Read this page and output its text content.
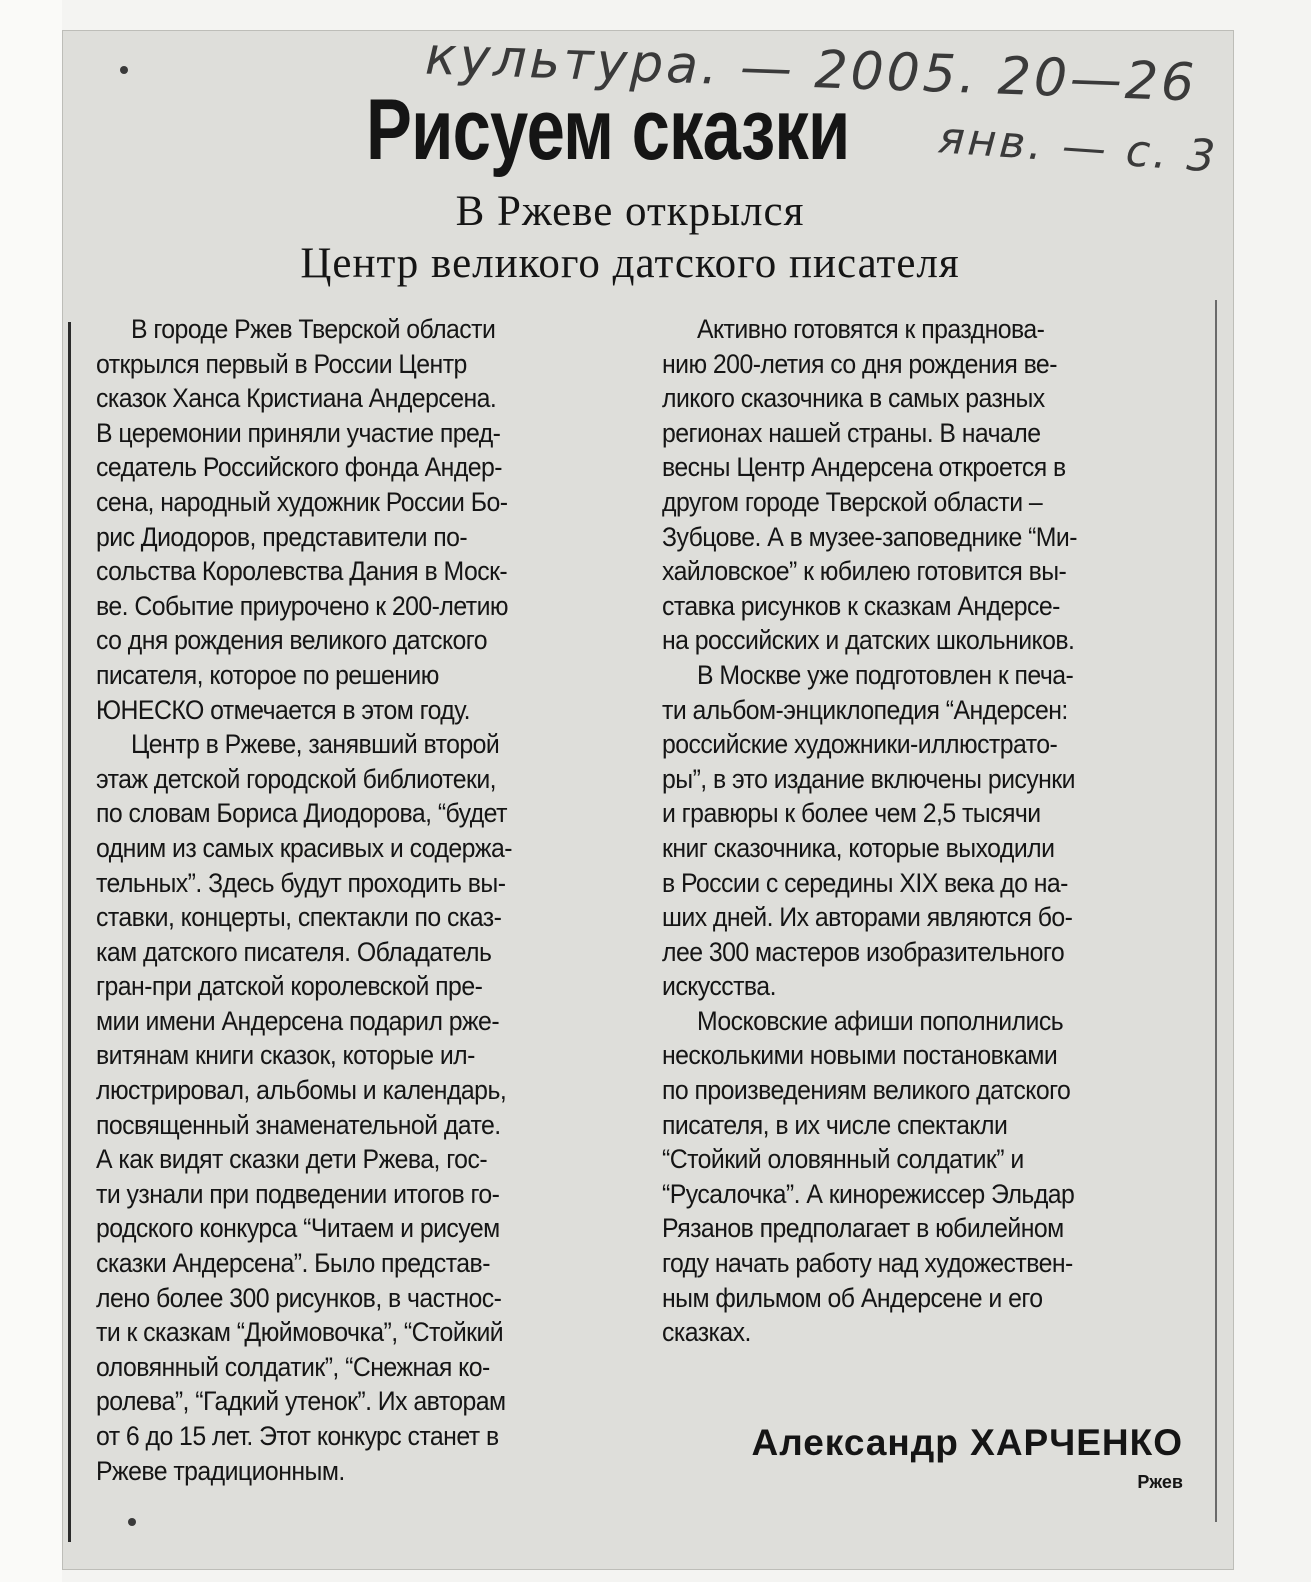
культура. — 2005. 20—26
янв. — с. 3
Рисуем сказки
В Ржеве открылся
Центр великого датского писателя
В городе Ржев Тверской области
открылся первый в России Центр
сказок Ханса Кристиана Андерсена.
В церемонии приняли участие пред-
седатель Российского фонда Андер-
сена, народный художник России Бо-
рис Диодоров, представители по-
сольства Королевства Дания в Моск-
ве. Событие приурочено к 200-летию
со дня рождения великого датского
писателя, которое по решению
ЮНЕСКО отмечается в этом году.
Центр в Ржеве, занявший второй
этаж детской городской библиотеки,
по словам Бориса Диодорова, “будет
одним из самых красивых и содержа-
тельных”. Здесь будут проходить вы-
ставки, концерты, спектакли по сказ-
кам датского писателя. Обладатель
гран-при датской королевской пре-
мии имени Андерсена подарил рже-
витянам книги сказок, которые ил-
люстрировал, альбомы и календарь,
посвященный знаменательной дате.
А как видят сказки дети Ржева, гос-
ти узнали при подведении итогов го-
родского конкурса “Читаем и рисуем
сказки Андерсена”. Было представ-
лено более 300 рисунков, в частнос-
ти к сказкам “Дюймовочка”, “Стойкий
оловянный солдатик”, “Снежная ко-
ролева”, “Гадкий утенок”. Их авторам
от 6 до 15 лет. Этот конкурс станет в
Ржеве традиционным.
Активно готовятся к празднова-
нию 200-летия со дня рождения ве-
ликого сказочника в самых разных
регионах нашей страны. В начале
весны Центр Андерсена откроется в
другом городе Тверской области –
Зубцове. А в музее-заповеднике “Ми-
хайловское” к юбилею готовится вы-
ставка рисунков к сказкам Андерсе-
на российских и датских школьников.
В Москве уже подготовлен к печа-
ти альбом-энциклопедия “Андерсен:
российские художники-иллюстрато-
ры”, в это издание включены рисунки
и гравюры к более чем 2,5 тысячи
книг сказочника, которые выходили
в России с середины XIX века до на-
ших дней. Их авторами являются бо-
лее 300 мастеров изобразительного
искусства.
Московские афиши пополнились
несколькими новыми постановками
по произведениям великого датского
писателя, в их числе спектакли
“Стойкий оловянный солдатик” и
“Русалочка”. А кинорежиссер Эльдар
Рязанов предполагает в юбилейном
году начать работу над художествен-
ным фильмом об Андерсене и его
сказках.
Александр ХАРЧЕНКО
Ржев
